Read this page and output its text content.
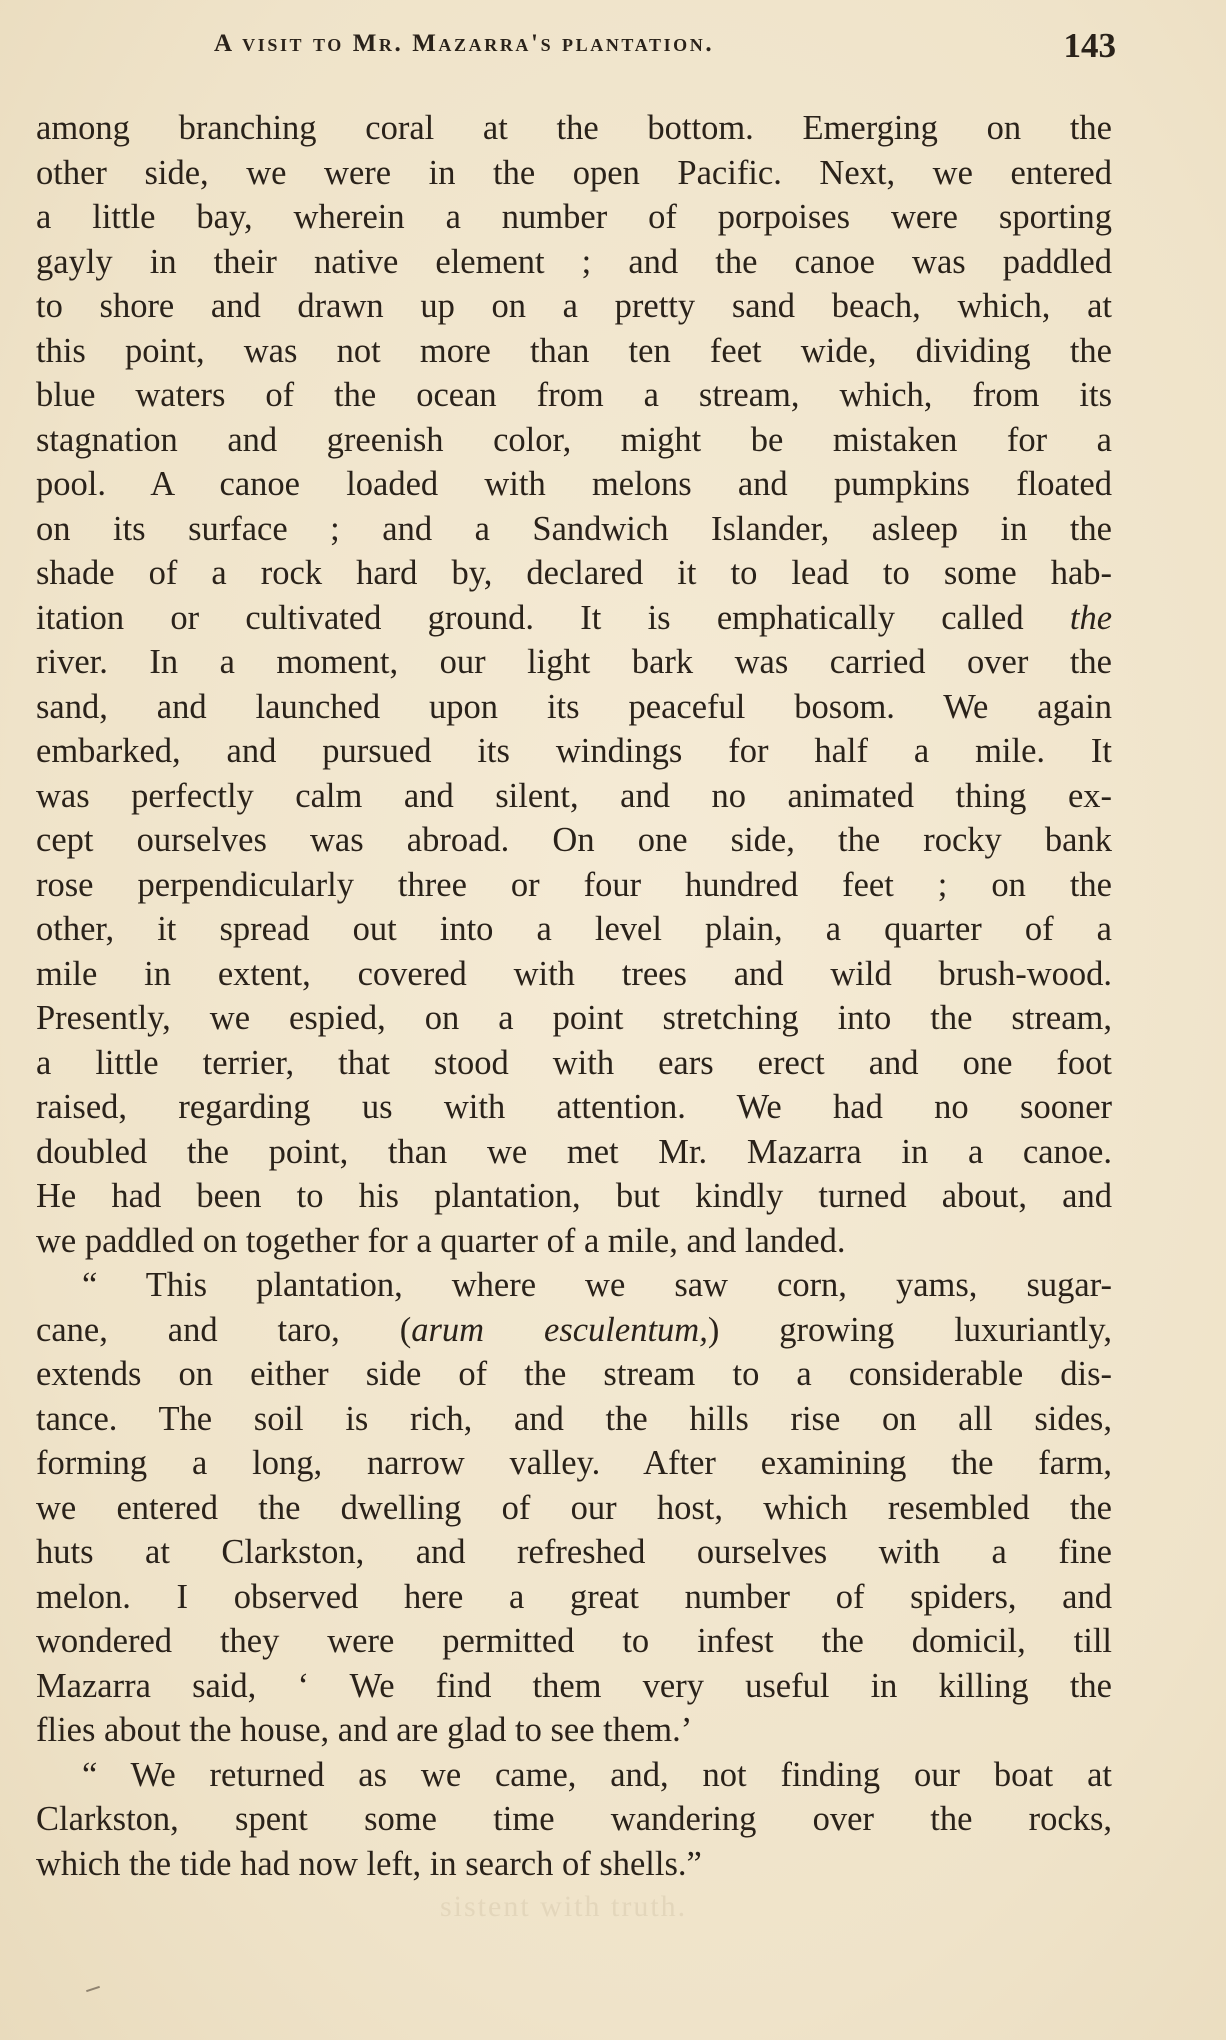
A visit to Mr. Mazarra's plantation.	143
among branching coral at the bottom. Emerging on the
other side, we were in the open Pacific. Next, we entered
a little bay, wherein a number of porpoises were sporting
gayly in their native element ; and the canoe was paddled
to shore and drawn up on a pretty sand beach, which, at
this point, was not more than ten feet wide, dividing the
blue waters of the ocean from a stream, which, from its
stagnation and greenish color, might be mistaken for a
pool. A canoe loaded with melons and pumpkins floated
on its surface ; and a Sandwich Islander, asleep in the
shade of a rock hard by, declared it to lead to some hab-
itation or cultivated ground. It is emphatically called the
river. In a moment, our light bark was carried over the
sand, and launched upon its peaceful bosom. We again
embarked, and pursued its windings for half a mile. It
was perfectly calm and silent, and no animated thing ex-
cept ourselves was abroad. On one side, the rocky bank
rose perpendicularly three or four hundred feet ; on the
other, it spread out into a level plain, a quarter of a
mile in extent, covered with trees and wild brush-wood.
Presently, we espied, on a point stretching into the stream,
a little terrier, that stood with ears erect and one foot
raised, regarding us with attention. We had no sooner
doubled the point, than we met Mr. Mazarra in a canoe.
He had been to his plantation, but kindly turned about, and
we paddled on together for a quarter of a mile, and landed.
“ This plantation, where we saw corn, yams, sugar-
cane, and taro, (arum esculentum,) growing luxuriantly,
extends on either side of the stream to a considerable dis-
tance. The soil is rich, and the hills rise on all sides,
forming a long, narrow valley. After examining the farm,
we entered the dwelling of our host, which resembled the
huts at Clarkston, and refreshed ourselves with a fine
melon. I observed here a great number of spiders, and
wondered they were permitted to infest the domicil, till
Mazarra said, ‘ We find them very useful in killing the
flies about the house, and are glad to see them.’
“ We returned as we came, and, not finding our boat at
Clarkston, spent some time wandering over the rocks,
which the tide had now left, in search of shells.”
sistent with truth.
